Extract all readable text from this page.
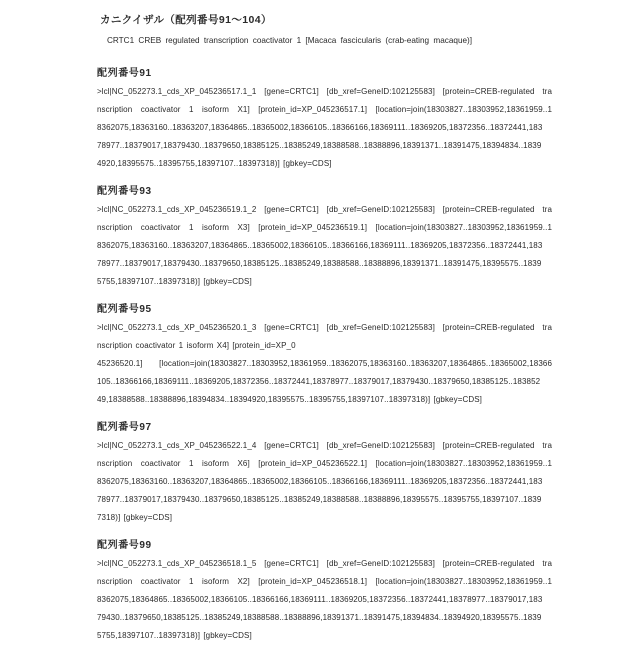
カニクイザル（配列番号91～104）
CRTC1 CREB regulated transcription coactivator 1 [Macaca fascicularis (crab-eating macaque)]
配列番号91
>lcl|NC_052273.1_cds_XP_045236517.1_1 [gene=CRTC1] [db_xref=GeneID:102125583] [protein=CREB-regulated tra
nscription coactivator 1 isoform X1] [protein_id=XP_045236517.1] [location=join(18303827..18303952,18361959..1
8362075,18363160..18363207,18364865..18365002,18366105..18366166,18369111..18369205,18372356..18372441,183
78977..18379017,18379430..18379650,18385125..18385249,18388588..18388896,18391371..18391475,18394834..1839
4920,18395575..18395755,18397107..18397318)] [gbkey=CDS]
配列番号93
>lcl|NC_052273.1_cds_XP_045236519.1_2 [gene=CRTC1] [db_xref=GeneID:102125583] [protein=CREB-regulated tra
nscription coactivator 1 isoform X3] [protein_id=XP_045236519.1] [location=join(18303827..18303952,18361959..1
8362075,18363160..18363207,18364865..18365002,18366105..18366166,18369111..18369205,18372356..18372441,183
78977..18379017,18379430..18379650,18385125..18385249,18388588..18388896,18391371..18391475,18395575..1839
5755,18397107..18397318)] [gbkey=CDS]
配列番号95
>lcl|NC_052273.1_cds_XP_045236520.1_3 [gene=CRTC1] [db_xref=GeneID:102125583] [protein=CREB-regulated tra
nscription coactivator 1 isoform X4] [protein_id=XP_0
45236520.1] [location=join(18303827..18303952,18361959..18362075,18363160..18363207,18364865..18365002,18366
105..18366166,18369111..18369205,18372356..18372441,18378977..18379017,18379430..18379650,18385125..183852
49,18388588..18388896,18394834..18394920,18395575..18395755,18397107..18397318)] [gbkey=CDS]
配列番号97
>lcl|NC_052273.1_cds_XP_045236522.1_4 [gene=CRTC1] [db_xref=GeneID:102125583] [protein=CREB-regulated tra
nscription coactivator 1 isoform X6] [protein_id=XP_045236522.1] [location=join(18303827..18303952,18361959..1
8362075,18363160..18363207,18364865..18365002,18366105..18366166,18369111..18369205,18372356..18372441,183
78977..18379017,18379430..18379650,18385125..18385249,18388588..18388896,18395575..18395755,18397107..1839
7318)] [gbkey=CDS]
配列番号99
>lcl|NC_052273.1_cds_XP_045236518.1_5 [gene=CRTC1] [db_xref=GeneID:102125583] [protein=CREB-regulated tra
nscription coactivator 1 isoform X2] [protein_id=XP_045236518.1] [location=join(18303827..18303952,18361959..1
8362075,18364865..18365002,18366105..18366166,18369111..18369205,18372356..18372441,18378977..18379017,183
79430..18379650,18385125..18385249,18388588..18388896,18391371..18391475,18394834..18394920,18395575..1839
5755,18397107..18397318)] [gbkey=CDS]
